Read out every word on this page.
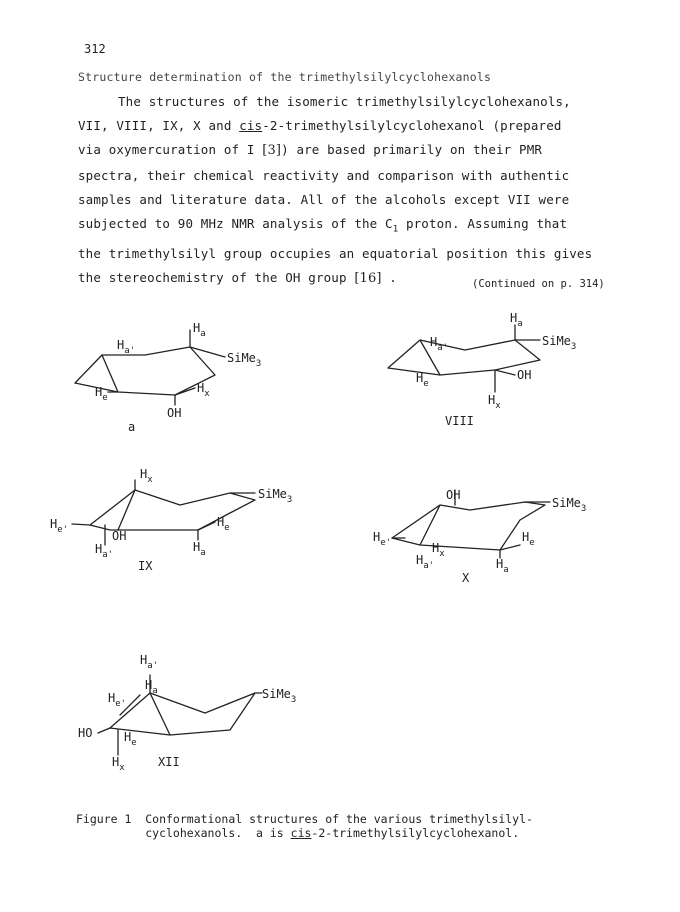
312
Structure determination of the trimethylsilylcyclohexanols
The structures of the isomeric trimethylsilylcyclohexanols,
VII, VIII, IX, X and cis-2-trimethylsilylcyclohexanol (prepared
via oxymercuration of I [3]) are based primarily on their PMR
spectra, their chemical reactivity and comparison with authentic
samples and literature data. All of the alcohols except VII were
subjected to 90 MHz NMR analysis of the $C_1$ proton. Assuming that
the trimethylsilyl group occupies an equatorial position this gives
the stereochemistry of the OH group [16] .	(Continued on p. 314)
$H_a$
$H_{a'}$	SiMe$_3$
$H_x$
$H_e$
OH
a
$H_a$
$H_{a'}$	SiMe$_3$
OH
$H_e$
$H_x$
VIII
$H_x$
SiMe$_3$
$H_e$
$H_{e'}$	OH
$H_{a'}$
$H_a$
IX
OH
SiMe$_3$
$H_e$
$H_{e'}$	$H_x$
$H_{a'}$	$H_a$
X
$H_{a'}$
$H_a$	SiMe$_3$
$H_{e'}$
HO	$H_e$
$H_x$	XII
Figure 1  Conformational structures of the various trimethylsilyl-
cyclohexanols.  a is cis-2-trimethylsilylcyclohexanol.
